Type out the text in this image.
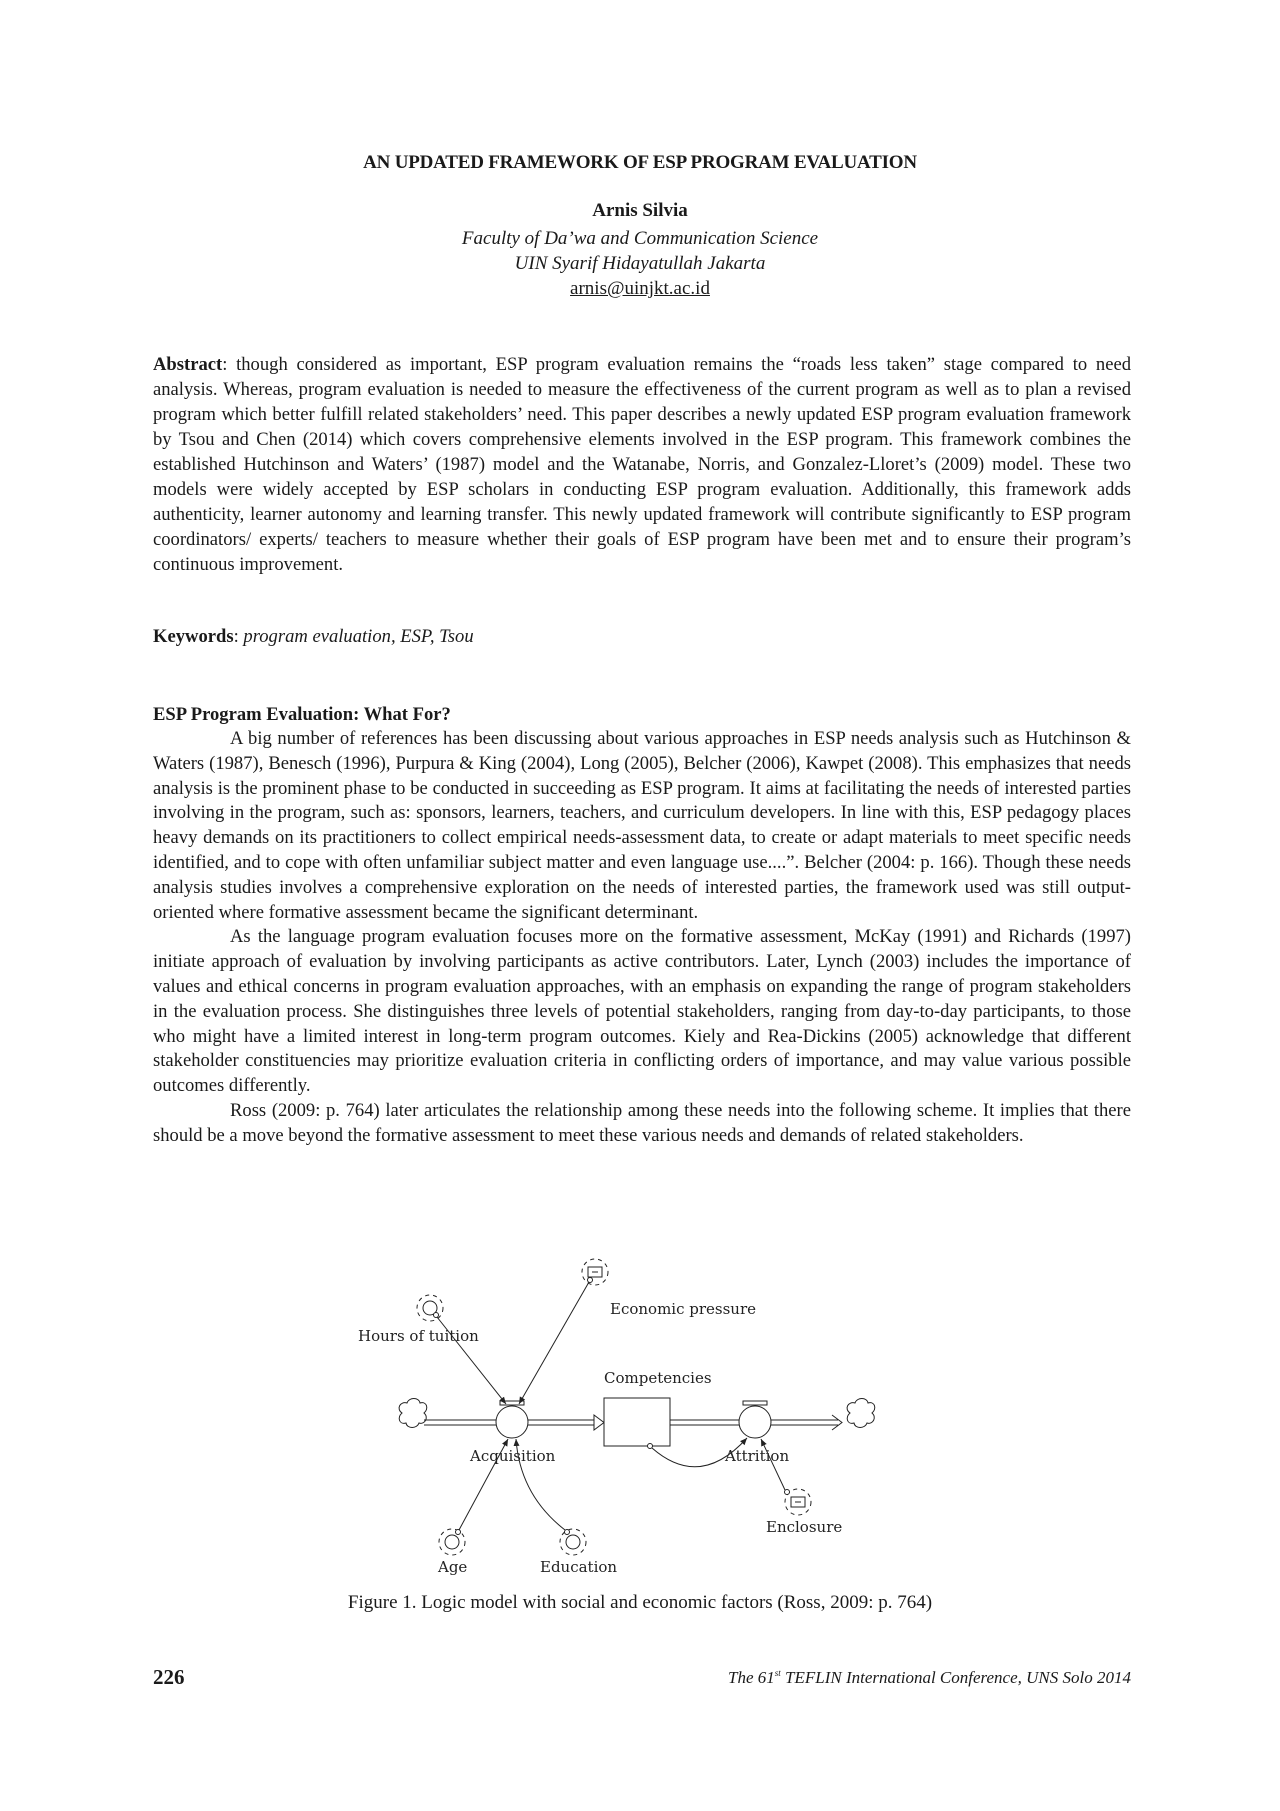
AN UPDATED FRAMEWORK OF ESP PROGRAM EVALUATION
Arnis Silvia
Faculty of Da’wa and Communication Science
UIN Syarif Hidayatullah Jakarta
arnis@uinjkt.ac.id
Abstract: though considered as important, ESP program evaluation remains the “roads less taken” stage compared to need analysis. Whereas, program evaluation is needed to measure the effectiveness of the current program as well as to plan a revised program which better fulfill related stakeholders’ need. This paper describes a newly updated ESP program evaluation framework by Tsou and Chen (2014) which covers comprehensive elements involved in the ESP program. This framework combines the established Hutchinson and Waters’ (1987) model and the Watanabe, Norris, and Gonzalez-Lloret’s (2009) model. These two models were widely accepted by ESP scholars in conducting ESP program evaluation. Additionally, this framework adds authenticity, learner autonomy and learning transfer. This newly updated framework will contribute significantly to ESP program coordinators/ experts/ teachers to measure whether their goals of ESP program have been met and to ensure their program’s continuous improvement.
Keywords: program evaluation, ESP, Tsou
ESP Program Evaluation: What For?

A big number of references has been discussing about various approaches in ESP needs analysis such as Hutchinson & Waters (1987), Benesch (1996), Purpura & King (2004), Long (2005), Belcher (2006), Kawpet (2008). This emphasizes that needs analysis is the prominent phase to be conducted in succeeding as ESP program. It aims at facilitating the needs of interested parties involving in the program, such as: sponsors, learners, teachers, and curriculum developers. In line with this, ESP pedagogy places heavy demands on its practitioners to collect empirical needs-assessment data, to create or adapt materials to meet specific needs identified, and to cope with often unfamiliar subject matter and even language use....”. Belcher (2004: p. 166). Though these needs analysis studies involves a comprehensive exploration on the needs of interested parties, the framework used was still output-oriented where formative assessment became the significant determinant.

As the language program evaluation focuses more on the formative assessment, McKay (1991) and Richards (1997) initiate approach of evaluation by involving participants as active contributors. Later, Lynch (2003) includes the importance of values and ethical concerns in program evaluation approaches, with an emphasis on expanding the range of program stakeholders in the evaluation process. She distinguishes three levels of potential stakeholders, ranging from day-to-day participants, to those who might have a limited interest in long-term program outcomes. Kiely and Rea-Dickins (2005) acknowledge that different stakeholder constituencies may prioritize evaluation criteria in conflicting orders of importance, and may value various possible outcomes differently.

Ross (2009: p. 764) later articulates the relationship among these needs into the following scheme. It implies that there should be a move beyond the formative assessment to meet these various needs and demands of related stakeholders.

Hours of tuition
Economic pressure
Competencies
Acquisition	Attrition
Enclosure
Age	Education
Figure 1. Logic model with social and economic factors (Ross, 2009: p. 764)
226	The 61st TEFLIN International Conference, UNS Solo 2014
